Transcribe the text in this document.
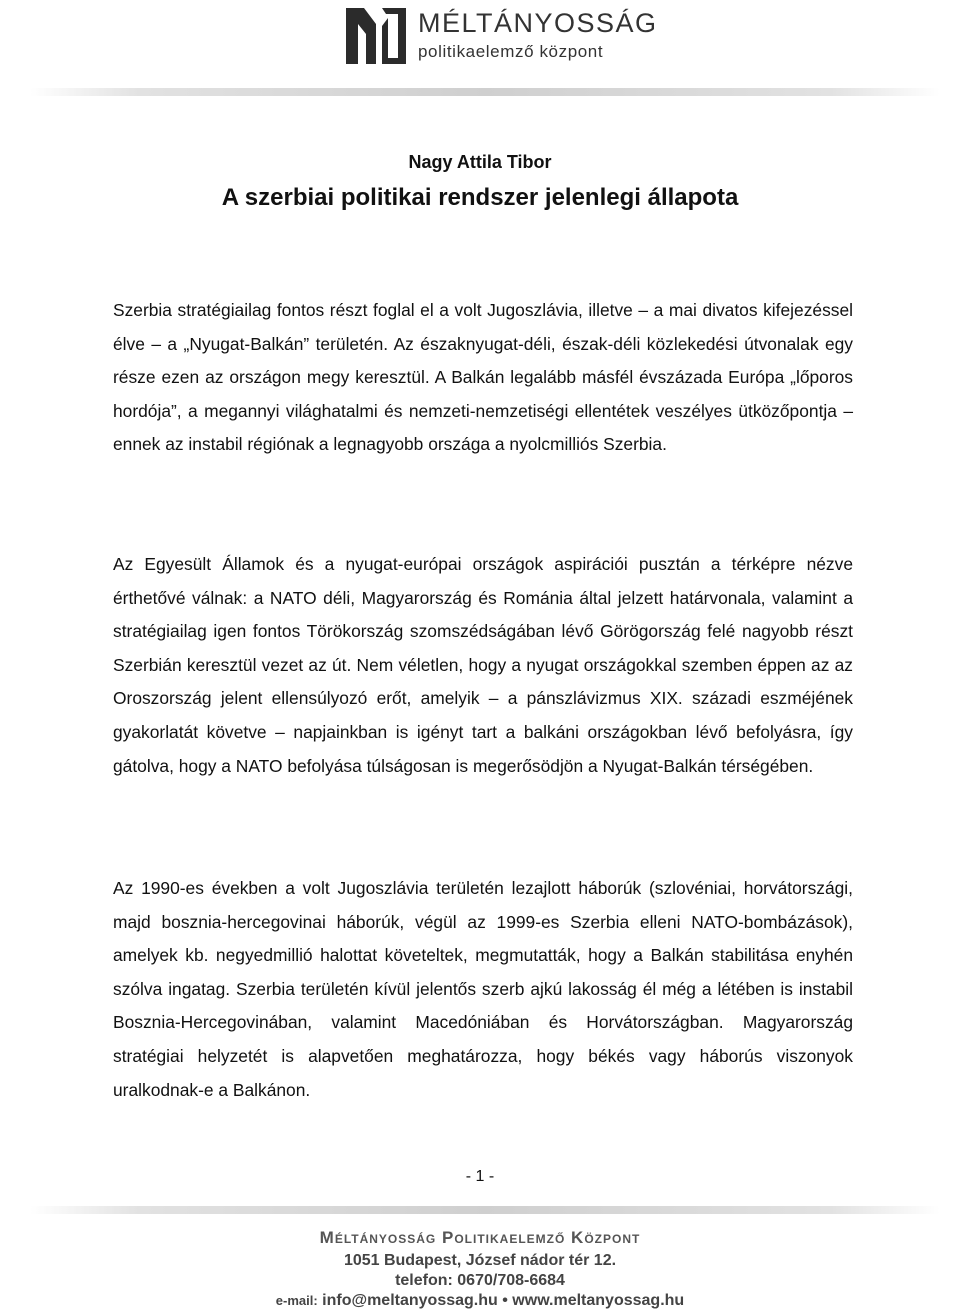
MÉLTÁNYOSSÁG
politikaelemző központ

Nagy Attila Tibor

A szerbiai politikai rendszer jelenlegi állapota

Szerbia stratégiailag fontos részt foglal el a volt Jugoszlávia, illetve – a mai divatos kifejezéssel élve – a „Nyugat-Balkán” területén. Az északnyugat-déli, észak-déli közlekedési útvonalak egy része ezen az országon megy keresztül. A Balkán legalább másfél évszázada Európa „lőporos hordója”, a megannyi világhatalmi és nemzeti-nemzetiségi ellentétek veszélyes ütközőpontja – ennek az instabil régiónak a legnagyobb országa a nyolcmilliós Szerbia.

Az Egyesült Államok és a nyugat-európai országok aspirációi pusztán a térképre nézve érthetővé válnak: a NATO déli, Magyarország és Románia által jelzett határvonala, valamint a stratégiailag igen fontos Törökország szomszédságában lévő Görögország felé nagyobb részt Szerbián keresztül vezet az út. Nem véletlen, hogy a nyugat országokkal szemben éppen az az Oroszország jelent ellensúlyozó erőt, amelyik – a pánszlávizmus XIX. századi eszméjének gyakorlatát követve – napjainkban is igényt tart a balkáni országokban lévő befolyásra, így gátolva, hogy a NATO befolyása túlságosan is megerősödjön a Nyugat-Balkán térségében.

Az 1990-es években a volt Jugoszlávia területén lezajlott háborúk (szlovéniai, horvátországi, majd bosznia-hercegovinai háborúk, végül az 1999-es Szerbia elleni NATO-bombázások), amelyek kb. negyedmillió halottat követeltek, megmutatták, hogy a Balkán stabilitása enyhén szólva ingatag. Szerbia területén kívül jelentős szerb ajkú lakosság él még a létében is instabil Bosznia-Hercegovinában, valamint Macedóniában és Horvátországban. Magyarország stratégiai helyzetét is alapvetően meghatározza, hogy békés vagy háborús viszonyok uralkodnak-e a Balkánon.

- 1 -
Méltányosság Politikaelemző Központ
1051 Budapest, József nádor tér 12.
telefon: 0670/708-6684
e-mail: info@meltanyossag.hu • www.meltanyossag.hu
